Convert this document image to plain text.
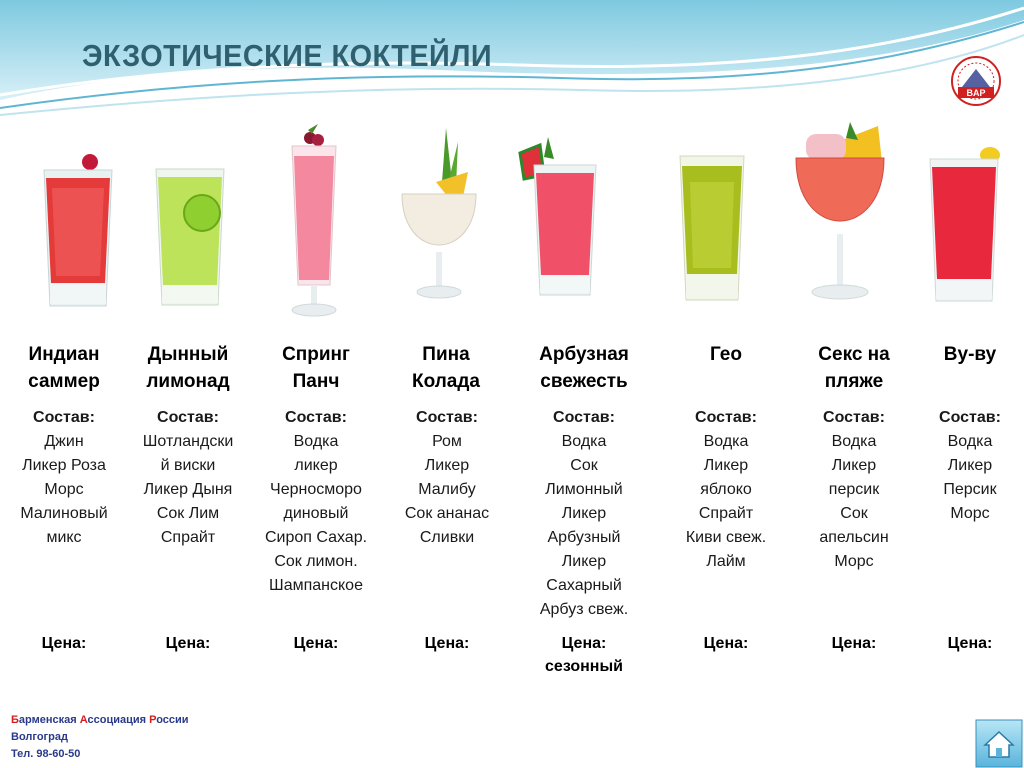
ЭКЗОТИЧЕСКИЕ КОКТЕЙЛИ
BAP
Индиан
саммер
Состав:
Джин
Ликер Роза
Морс
Малиновый
микс
Цена:
Дынный
лимонад
Состав:
Шотландски
й виски
Ликер Дыня
Сок Лим
Спрайт
Цена:
Спринг
Панч
Состав:
Водка
ликер
Черносморо
диновый
Сироп Сахар.
Сок лимон.
Шампанское
Цена:
Пина
Колада
Состав:
Ром
Ликер
Малибу
Сок ананас
Сливки
Цена:
Арбузная
свежесть
Состав:
Водка
Сок
Лимонный
Ликер
Арбузный
Ликер
Сахарный
Арбуз свеж.
Цена:
сезонный
Гео
Состав:
Водка
Ликер
яблоко
Спрайт
Киви свеж.
Лайм
Цена:
Секс на
пляже
Состав:
Водка
Ликер
персик
Сок
апельсин
Морс
Цена:
Ву-ву
Состав:
Водка
Ликер
Персик
Морс
Цена:
Барменская Ассоциация России
Волгоград
Тел. 98-60-50
